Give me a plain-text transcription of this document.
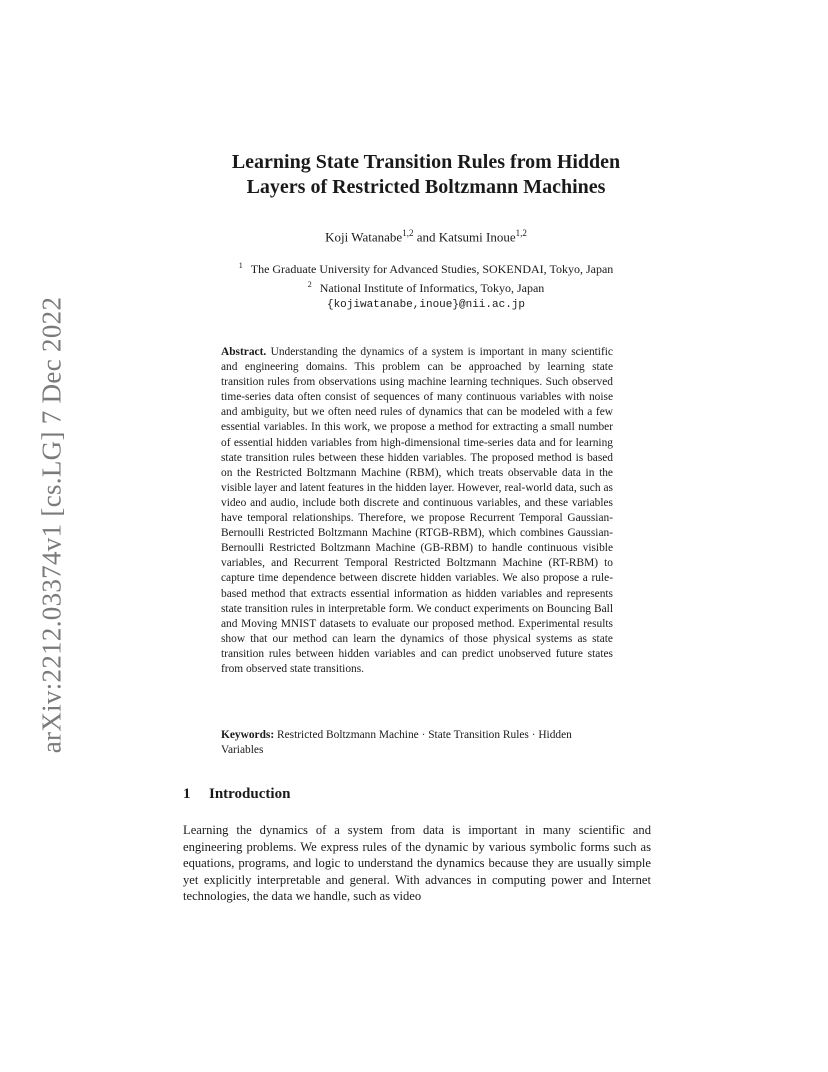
arXiv:2212.03374v1 [cs.LG] 7 Dec 2022
Learning State Transition Rules from Hidden
Layers of Restricted Boltzmann Machines
Koji Watanabe$^{1,2}$ and Katsumi Inoue$^{1,2}$
$^1$ The Graduate University for Advanced Studies, SOKENDAI, Tokyo, Japan
$^2$ National Institute of Informatics, Tokyo, Japan
{kojiwatanabe,inoue}@nii.ac.jp
Abstract. Understanding the dynamics of a system is important in many scientific and engineering domains. This problem can be approached by learning state transition rules from observations using machine learning techniques. Such observed time-series data often consist of sequences of many continuous variables with noise and ambiguity, but we often need rules of dynamics that can be modeled with a few essential variables. In this work, we propose a method for extracting a small number of essential hidden variables from high-dimensional time-series data and for learning state transition rules between these hidden variables. The proposed method is based on the Restricted Boltzmann Machine (RBM), which treats observable data in the visible layer and latent features in the hidden layer. However, real-world data, such as video and audio, include both discrete and continuous variables, and these variables have temporal relationships. Therefore, we propose Recurrent Temporal Gaussian-Bernoulli Restricted Boltzmann Machine (RTGB-RBM), which combines Gaussian-Bernoulli Restricted Boltzmann Machine (GB-RBM) to handle continuous visible variables, and Recurrent Temporal Restricted Boltzmann Machine (RT-RBM) to capture time dependence between discrete hidden variables. We also propose a rule-based method that extracts essential information as hidden variables and represents state transition rules in interpretable form. We conduct experiments on Bouncing Ball and Moving MNIST datasets to evaluate our proposed method. Experimental results show that our method can learn the dynamics of those physical systems as state transition rules between hidden variables and can predict unobserved future states from observed state transitions.
Keywords: Restricted Boltzmann Machine · State Transition Rules · Hidden Variables
1 Introduction
Learning the dynamics of a system from data is important in many scientific and engineering problems. We express rules of the dynamic by various symbolic forms such as equations, programs, and logic to understand the dynamics because they are usually simple yet explicitly interpretable and general. With advances in computing power and Internet technologies, the data we handle, such as video
